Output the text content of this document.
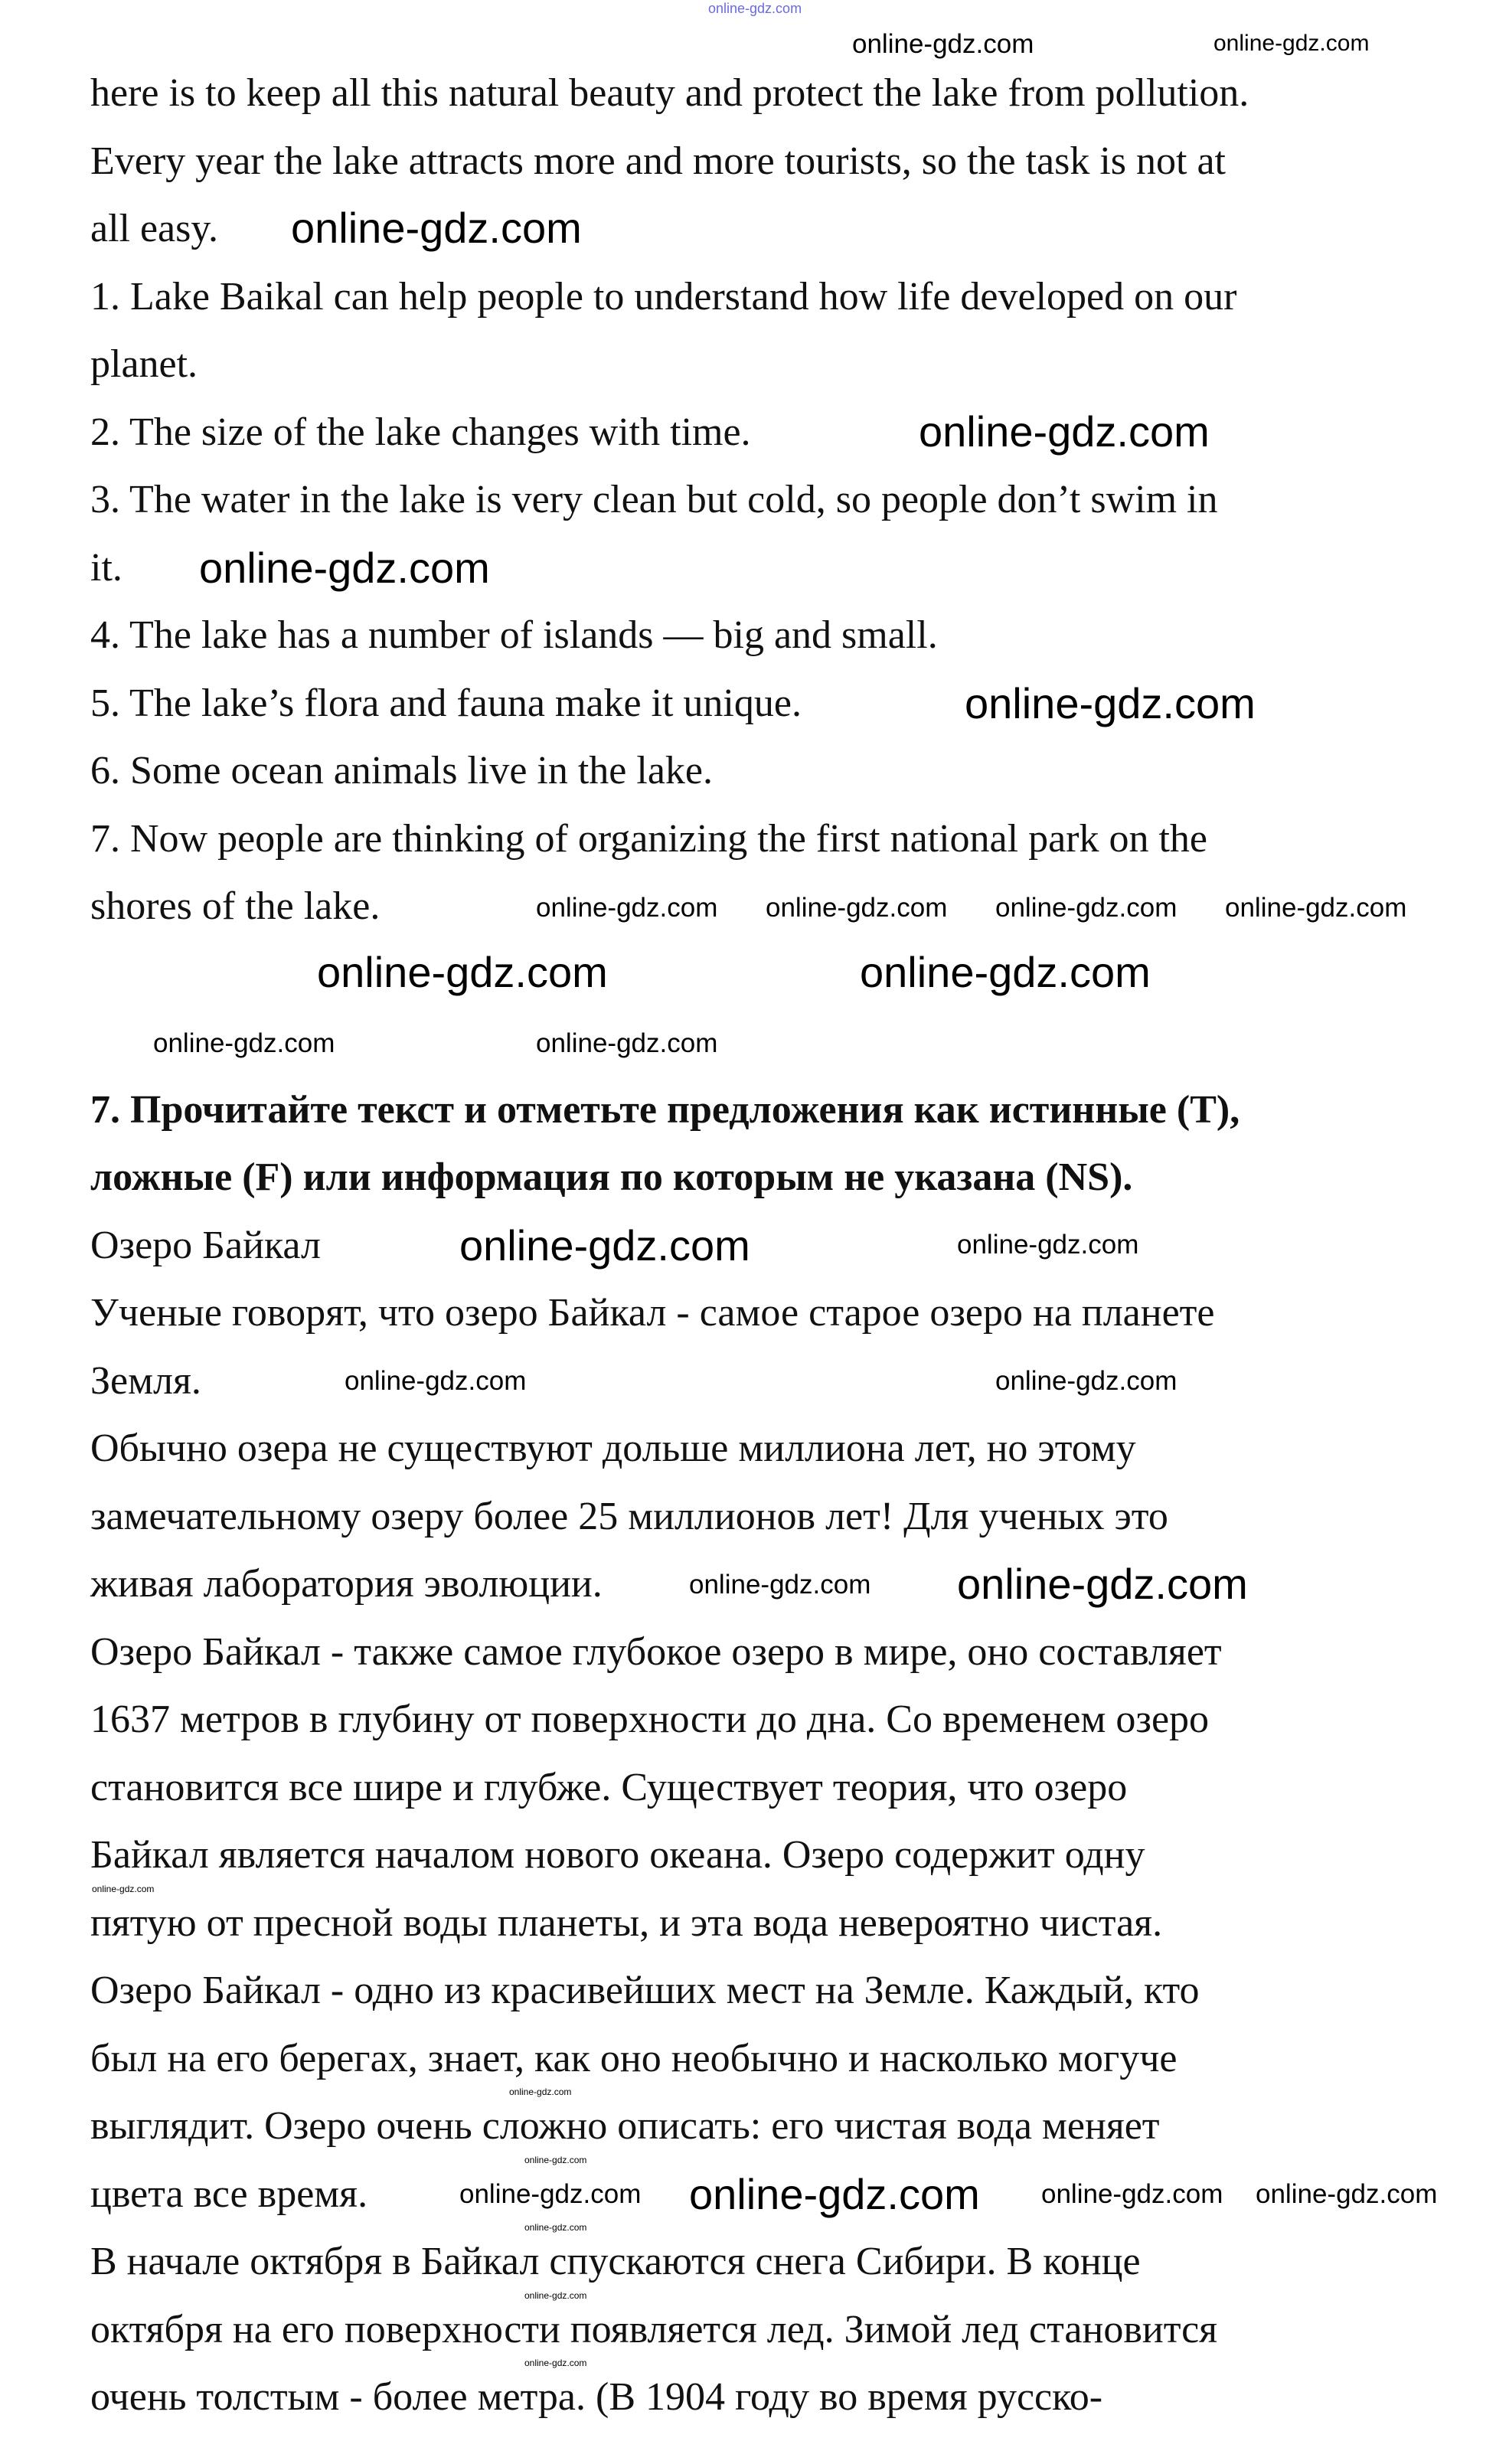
here is to keep all this natural beauty and protect the lake from pollution.
Every year the lake attracts more and more tourists, so the task is not at
all easy.
1. Lake Baikal can help people to understand how life developed on our
planet.
2. The size of the lake changes with time.
3. The water in the lake is very clean but cold, so people don’t swim in
it.
4. The lake has a number of islands — big and small.
5. The lake’s flora and fauna make it unique.
6. Some ocean animals live in the lake.
7. Now people are thinking of organizing the first national park on the
shores of the lake.
7. Прочитайте текст и отметьте предложения как истинные (T),
ложные (F) или информация по которым не указана (NS).
Озеро Байкал
Ученые говорят, что озеро Байкал - самое старое озеро на планете
Земля.
Обычно озера не существуют дольше миллиона лет, но этому
замечательному озеру более 25 миллионов лет! Для ученых это
живая лаборатория эволюции.
Озеро Байкал - также самое глубокое озеро в мире, оно составляет
1637 метров в глубину от поверхности до дна. Со временем озеро
становится все шире и глубже. Существует теория, что озеро
Байкал является началом нового океана. Озеро содержит одну
пятую от пресной воды планеты, и эта вода невероятно чистая.
Озеро Байкал - одно из красивейших мест на Земле. Каждый, кто
был на его берегах, знает, как оно необычно и насколько могуче
выглядит. Озеро очень сложно описать: его чистая вода меняет
цвета все время.
В начале октября в Байкал спускаются снега Сибири. В конце
октября на его поверхности появляется лед. Зимой лед становится
очень толстым - более метра. (В 1904 году во время русско-
online-gdz.com
online-gdz.com	online-gdz.com
online-gdz.com
online-gdz.com
online-gdz.com
online-gdz.com
online-gdz.com online-gdz.com online-gdz.com online-gdz.com
online-gdz.com	online-gdz.com
online-gdz.com	online-gdz.com
online-gdz.com	online-gdz.com
online-gdz.com	online-gdz.com
online-gdz.com online-gdz.com
online-gdz.com
online-gdz.com
online-gdz.com
online-gdz.com online-gdz.com online-gdz.com
online-gdz.com
online-gdz.com
online-gdz.com
online-gdz.com
